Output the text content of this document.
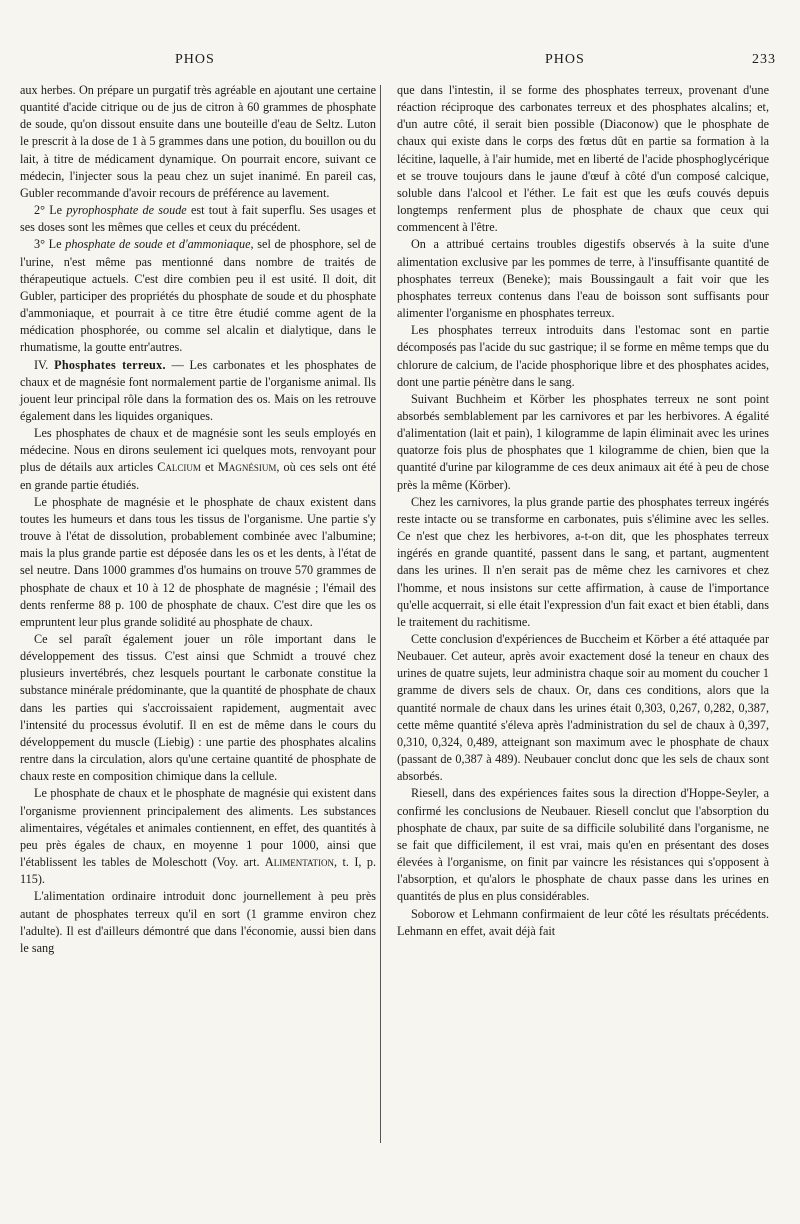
PHOS	PHOS	233

aux herbes. On prépare un purgatif très agréable en ajoutant une certaine quantité d'acide citrique ou de jus de citron à 60 grammes de phosphate de soude, qu'on dissout ensuite dans une bouteille d'eau de Seltz. Luton le prescrit à la dose de 1 à 5 grammes dans une potion, du bouillon ou du lait, à titre de médicament dynamique. On pourrait encore, suivant ce médecin, l'injecter sous la peau chez un sujet inanimé. En pareil cas, Gubler recommande d'avoir recours de préférence au lavement.

2° Le pyrophosphate de soude est tout à fait superflu. Ses usages et ses doses sont les mêmes que celles et ceux du précédent.

3° Le phosphate de soude et d'ammoniaque, sel de phosphore, sel de l'urine, n'est même pas mentionné dans nombre de traités de thérapeutique actuels. C'est dire combien peu il est usité. Il doit, dit Gubler, participer des propriétés du phosphate de soude et du phosphate d'ammoniaque, et pourrait à ce titre être étudié comme agent de la médication phosphorée, ou comme sel alcalin et dialytique, dans le rhumatisme, la goutte entr'autres.

IV. Phosphates terreux. — Les carbonates et les phosphates de chaux et de magnésie font normalement partie de l'organisme animal. Ils jouent leur principal rôle dans la formation des os. Mais on les retrouve également dans les liquides organiques.

Les phosphates de chaux et de magnésie sont les seuls employés en médecine. Nous en dirons seulement ici quelques mots, renvoyant pour plus de détails aux articles Calcium et Magnésium, où ces sels ont été en grande partie étudiés.

Le phosphate de magnésie et le phosphate de chaux existent dans toutes les humeurs et dans tous les tissus de l'organisme. Une partie s'y trouve à l'état de dissolution, probablement combinée avec l'albumine; mais la plus grande partie est déposée dans les os et les dents, à l'état de sel neutre. Dans 1000 grammes d'os humains on trouve 570 grammes de phosphate de chaux et 10 à 12 de phosphate de magnésie ; l'émail des dents renferme 88 p. 100 de phosphate de chaux. C'est dire que les os empruntent leur plus grande solidité au phosphate de chaux.

Ce sel paraît également jouer un rôle important dans le développement des tissus. C'est ainsi que Schmidt a trouvé chez plusieurs invertébrés, chez lesquels pourtant le carbonate constitue la substance minérale prédominante, que la quantité de phosphate de chaux dans les parties qui s'accroissaient rapidement, augmentait avec l'intensité du processus évolutif. Il en est de même dans le cours du développement du muscle (Liebig) : une partie des phosphates alcalins rentre dans la circulation, alors qu'une certaine quantité de phosphate de chaux reste en composition chimique dans la cellule.

Le phosphate de chaux et le phosphate de magnésie qui existent dans l'organisme proviennent principalement des aliments. Les substances alimentaires, végétales et animales contiennent, en effet, des quantités à peu près égales de chaux, en moyenne 1 pour 1000, ainsi que l'établissent les tables de Moleschott (Voy. art. Alimentation, t. I, p. 115).

L'alimentation ordinaire introduit donc journellement à peu près autant de phosphates terreux qu'il en sort (1 gramme environ chez l'adulte). Il est d'ailleurs démontré que dans l'économie, aussi bien dans le sang

que dans l'intestin, il se forme des phosphates terreux, provenant d'une réaction réciproque des carbonates terreux et des phosphates alcalins; et, d'un autre côté, il serait bien possible (Diaconow) que le phosphate de chaux qui existe dans le corps des fœtus dût en partie sa formation à la lécitine, laquelle, à l'air humide, met en liberté de l'acide phosphoglycérique et se trouve toujours dans le jaune d'œuf à côté d'un composé calcique, soluble dans l'alcool et l'éther. Le fait est que les œufs couvés depuis longtemps renferment plus de phosphate de chaux que ceux qui commencent à l'être.

On a attribué certains troubles digestifs observés à la suite d'une alimentation exclusive par les pommes de terre, à l'insuffisante quantité de phosphates terreux (Beneke); mais Boussingault a fait voir que les phosphates terreux contenus dans l'eau de boisson sont suffisants pour alimenter l'organisme en phosphates terreux.

Les phosphates terreux introduits dans l'estomac sont en partie décomposés pas l'acide du suc gastrique; il se forme en même temps que du chlorure de calcium, de l'acide phosphorique libre et des phosphates acides, dont une partie pénètre dans le sang.

Suivant Buchheim et Körber les phosphates terreux ne sont point absorbés semblablement par les carnivores et par les herbivores. A égalité d'alimentation (lait et pain), 1 kilogramme de lapin éliminait avec les urines quatorze fois plus de phosphates que 1 kilogramme de chien, bien que la quantité d'urine par kilogramme de ces deux animaux ait été à peu de chose près la même (Körber).

Chez les carnivores, la plus grande partie des phosphates terreux ingérés reste intacte ou se transforme en carbonates, puis s'élimine avec les selles. Ce n'est que chez les herbivores, a-t-on dit, que les phosphates terreux ingérés en grande quantité, passent dans le sang, et partant, augmentent dans les urines. Il n'en serait pas de même chez les carnivores et chez l'homme, et nous insistons sur cette affirmation, à cause de l'importance qu'elle acquerrait, si elle était l'expression d'un fait exact et bien établi, dans le traitement du rachitisme.

Cette conclusion d'expériences de Buccheim et Körber a été attaquée par Neubauer. Cet auteur, après avoir exactement dosé la teneur en chaux des urines de quatre sujets, leur administra chaque soir au moment du coucher 1 gramme de divers sels de chaux. Or, dans ces conditions, alors que la quantité normale de chaux dans les urines était 0,303, 0,267, 0,282, 0,387, cette même quantité s'éleva après l'administration du sel de chaux à 0,397, 0,310, 0,324, 0,489, atteignant son maximum avec le phosphate de chaux (passant de 0,387 à 489). Neubauer conclut donc que les sels de chaux sont absorbés.

Riesell, dans des expériences faites sous la direction d'Hoppe-Seyler, a confirmé les conclusions de Neubauer. Riesell conclut que l'absorption du phosphate de chaux, par suite de sa difficile solubilité dans l'organisme, ne se fait que difficilement, il est vrai, mais qu'en en présentant des doses élevées à l'organisme, on finit par vaincre les résistances qui s'opposent à l'absorption, et qu'alors le phosphate de chaux passe dans les urines en quantités de plus en plus considérables.

Soborow et Lehmann confirmaient de leur côté les résultats précédents. Lehmann en effet, avait déjà fait
